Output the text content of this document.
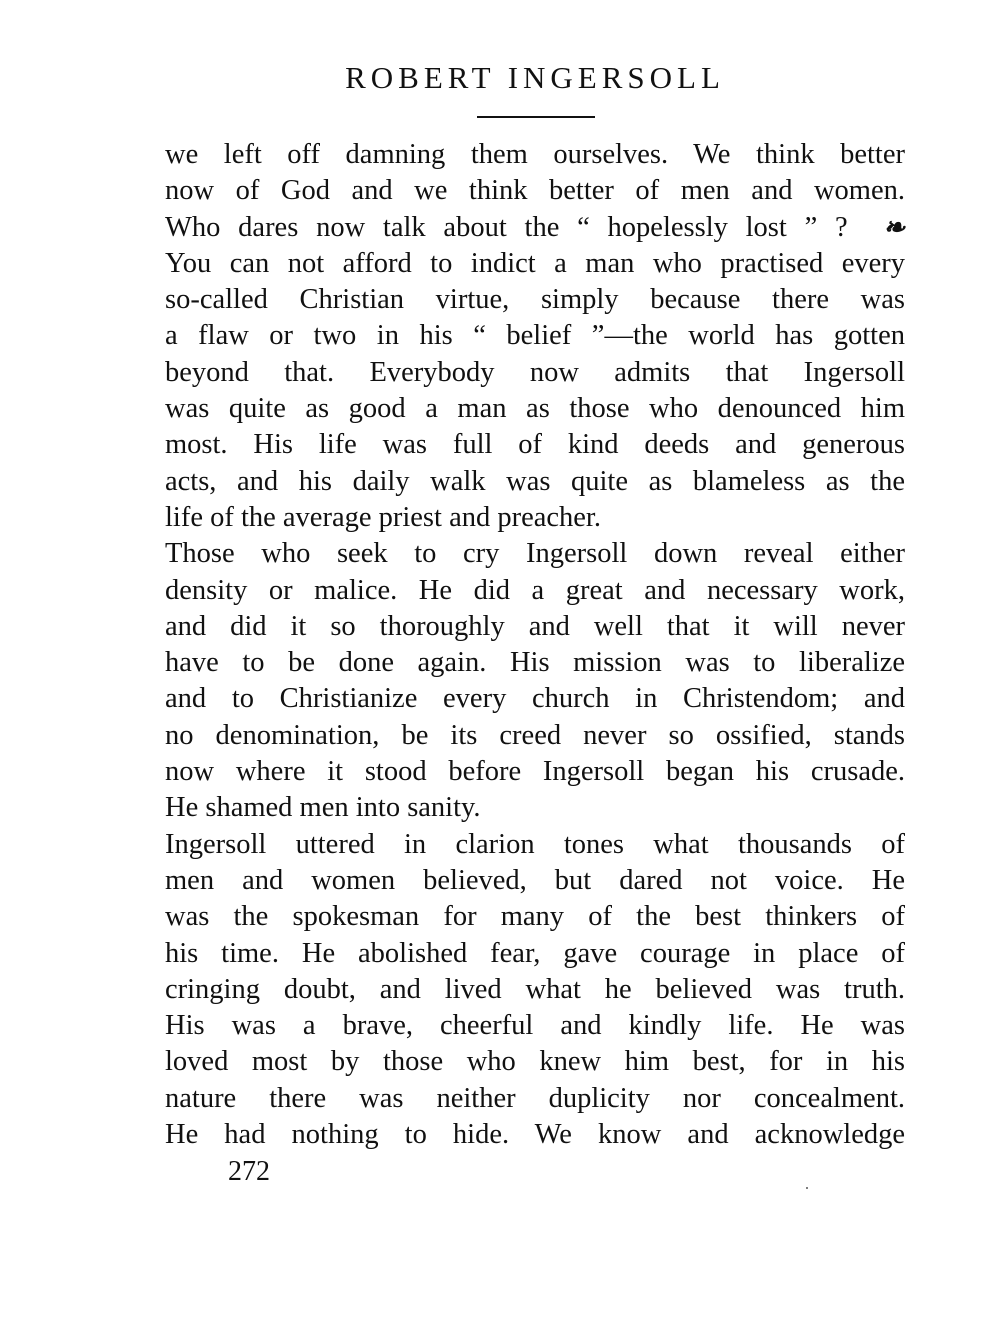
ROBERT INGERSOLL
we left off damning them ourselves. We think better
now of God and we think better of men and women.
Who dares now talk about the “ hopelessly lost ” ? ❧
You can not afford to indict a man who practised every
so-called Christian virtue, simply because there was
a flaw or two in his “ belief ”—the world has gotten
beyond that. Everybody now admits that Ingersoll
was quite as good a man as those who denounced him
most. His life was full of kind deeds and generous
acts, and his daily walk was quite as blameless as the
life of the average priest and preacher.
Those who seek to cry Ingersoll down reveal either
density or malice. He did a great and necessary work,
and did it so thoroughly and well that it will never
have to be done again. His mission was to liberalize
and to Christianize every church in Christendom; and
no denomination, be its creed never so ossified, stands
now where it stood before Ingersoll began his crusade.
He shamed men into sanity.
Ingersoll uttered in clarion tones what thousands of
men and women believed, but dared not voice. He
was the spokesman for many of the best thinkers of
his time. He abolished fear, gave courage in place of
cringing doubt, and lived what he believed was truth.
His was a brave, cheerful and kindly life. He was
loved most by those who knew him best, for in his
nature there was neither duplicity nor concealment.
He had nothing to hide. We know and acknowledge
272
